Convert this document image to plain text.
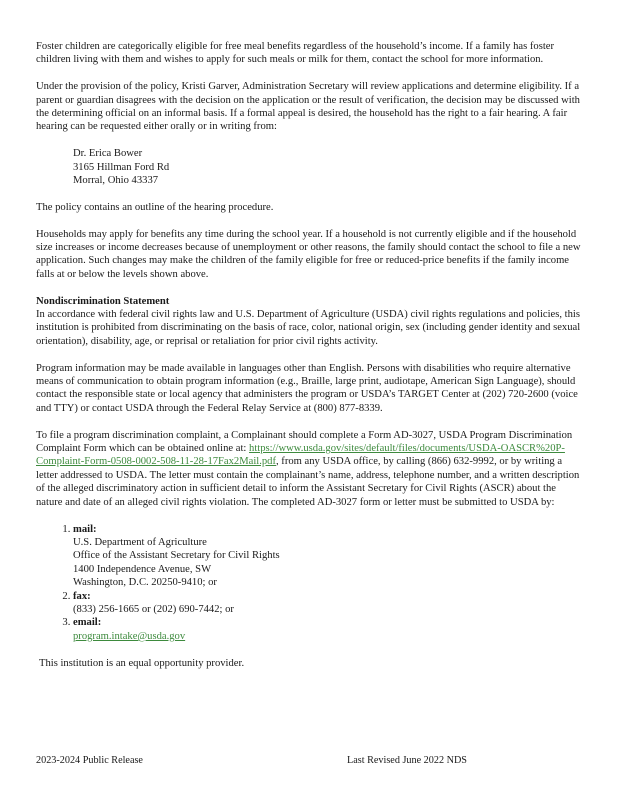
Foster children are categorically eligible for free meal benefits regardless of the household’s income. If a family has foster children living with them and wishes to apply for such meals or milk for them, contact the school for more information.

Under the provision of the policy, Kristi Garver, Administration Secretary will review applications and determine eligibility. If a parent or guardian disagrees with the decision on the application or the result of verification, the decision may be discussed with the determining official on an informal basis. If a formal appeal is desired, the household has the right to a fair hearing. A fair hearing can be requested either orally or in writing from:

Dr. Erica Bower
3165 Hillman Ford Rd
Morral, Ohio 43337

The policy contains an outline of the hearing procedure.

Households may apply for benefits any time during the school year. If a household is not currently eligible and if the household size increases or income decreases because of unemployment or other reasons, the family should contact the school to file a new application. Such changes may make the children of the family eligible for free or reduced-price benefits if the family income falls at or below the levels shown above.

Nondiscrimination Statement
In accordance with federal civil rights law and U.S. Department of Agriculture (USDA) civil rights regulations and policies, this institution is prohibited from discriminating on the basis of race, color, national origin, sex (including gender identity and sexual orientation), disability, age, or reprisal or retaliation for prior civil rights activity.

Program information may be made available in languages other than English. Persons with disabilities who require alternative means of communication to obtain program information (e.g., Braille, large print, audiotape, American Sign Language), should contact the responsible state or local agency that administers the program or USDA’s TARGET Center at (202) 720-2600 (voice and TTY) or contact USDA through the Federal Relay Service at (800) 877-8339.

To file a program discrimination complaint, a Complainant should complete a Form AD-3027, USDA Program Discrimination Complaint Form which can be obtained online at: https://www.usda.gov/sites/default/files/documents/USDA-OASCR%20P-Complaint-Form-0508-0002-508-11-28-17Fax2Mail.pdf, from any USDA office, by calling (866) 632-9992, or by writing a letter addressed to USDA. The letter must contain the complainant’s name, address, telephone number, and a written description of the alleged discriminatory action in sufficient detail to inform the Assistant Secretary for Civil Rights (ASCR) about the nature and date of an alleged civil rights violation. The completed AD-3027 form or letter must be submitted to USDA by:

1. mail:
U.S. Department of Agriculture
Office of the Assistant Secretary for Civil Rights
1400 Independence Avenue, SW
Washington, D.C. 20250-9410; or
2. fax:
(833) 256-1665 or (202) 690-7442; or
3. email:
program.intake@usda.gov
This institution is an equal opportunity provider.
2023-2024 Public Release	Last Revised June 2022 NDS
